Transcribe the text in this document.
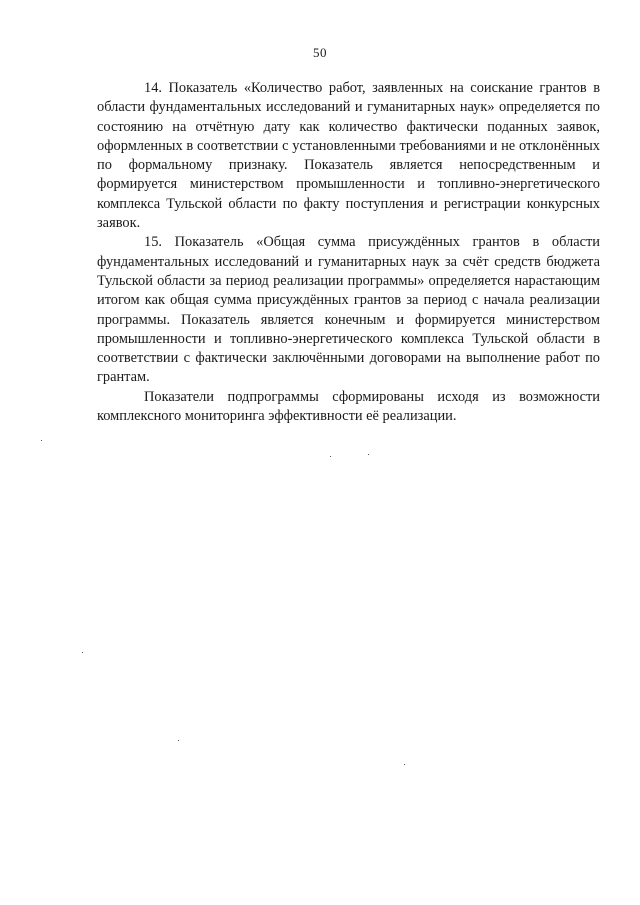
50

14. Показатель «Количество работ, заявленных на соискание грантов в области фундаментальных исследований и гуманитарных наук» определяется по состоянию на отчётную дату как количество фактически поданных заявок, оформленных в соответствии с установленными требованиями и не отклонённых по формальному признаку. Показатель является непосредственным и формируется министерством промышленности и топливно-энергетического комплекса Тульской области по факту поступления и регистрации конкурсных заявок.

15. Показатель «Общая сумма присуждённых грантов в области фундаментальных исследований и гуманитарных наук за счёт средств бюджета Тульской области за период реализации программы» определяется нарастающим итогом как общая сумма присуждённых грантов за период с начала реализации программы. Показатель является конечным и формируется министерством промышленности и топливно-энергетического комплекса Тульской области в соответствии с фактически заключёнными договорами на выполнение работ по грантам.

Показатели подпрограммы сформированы исходя из возможности комплексного мониторинга эффективности её реализации.
